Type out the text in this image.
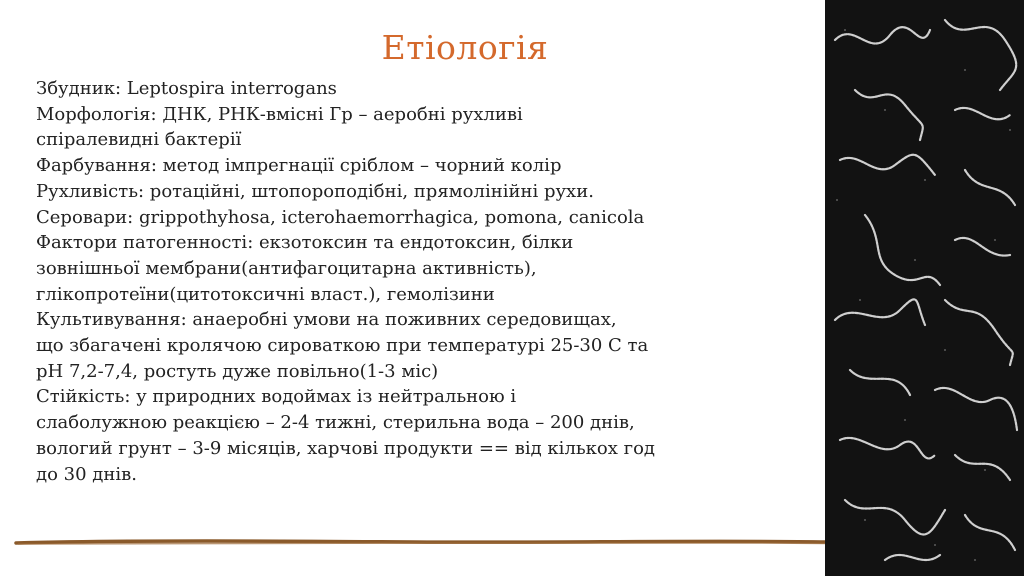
Етіологія
Збудник: Leptospira interrogans
Морфологія: ДНК, РНК-вмісні Гр – аеробні рухливі
спіралевидні бактерії
Фарбування: метод імпрегнації сріблом – чорний колір
Рухливість: ротаційні, штопороподібні, прямолінійні рухи.
Серовари: grippothyhosa, icterohaemorrhagica, pomona, canicola
Фактори патогенності: екзотоксин та ендотоксин, білки
зовнішньої мембрани(антифагоцитарна активність),
глікопротеїни(цитотоксичні власт.), гемолізини
Культивування: анаеробні умови на поживних середовищах,
що збагачені кролячою сироваткою при температурі 25-30 С та
рН 7,2-7,4, ростуть дуже повільно(1-3 міс)
Стійкість: у природних водоймах із нейтральною і
слаболужною реакцією – 2-4 тижні, стерильна вода – 200 днів,
вологий грунт – 3-9 місяців, харчові продукти == від кількох год
до 30 днів.
